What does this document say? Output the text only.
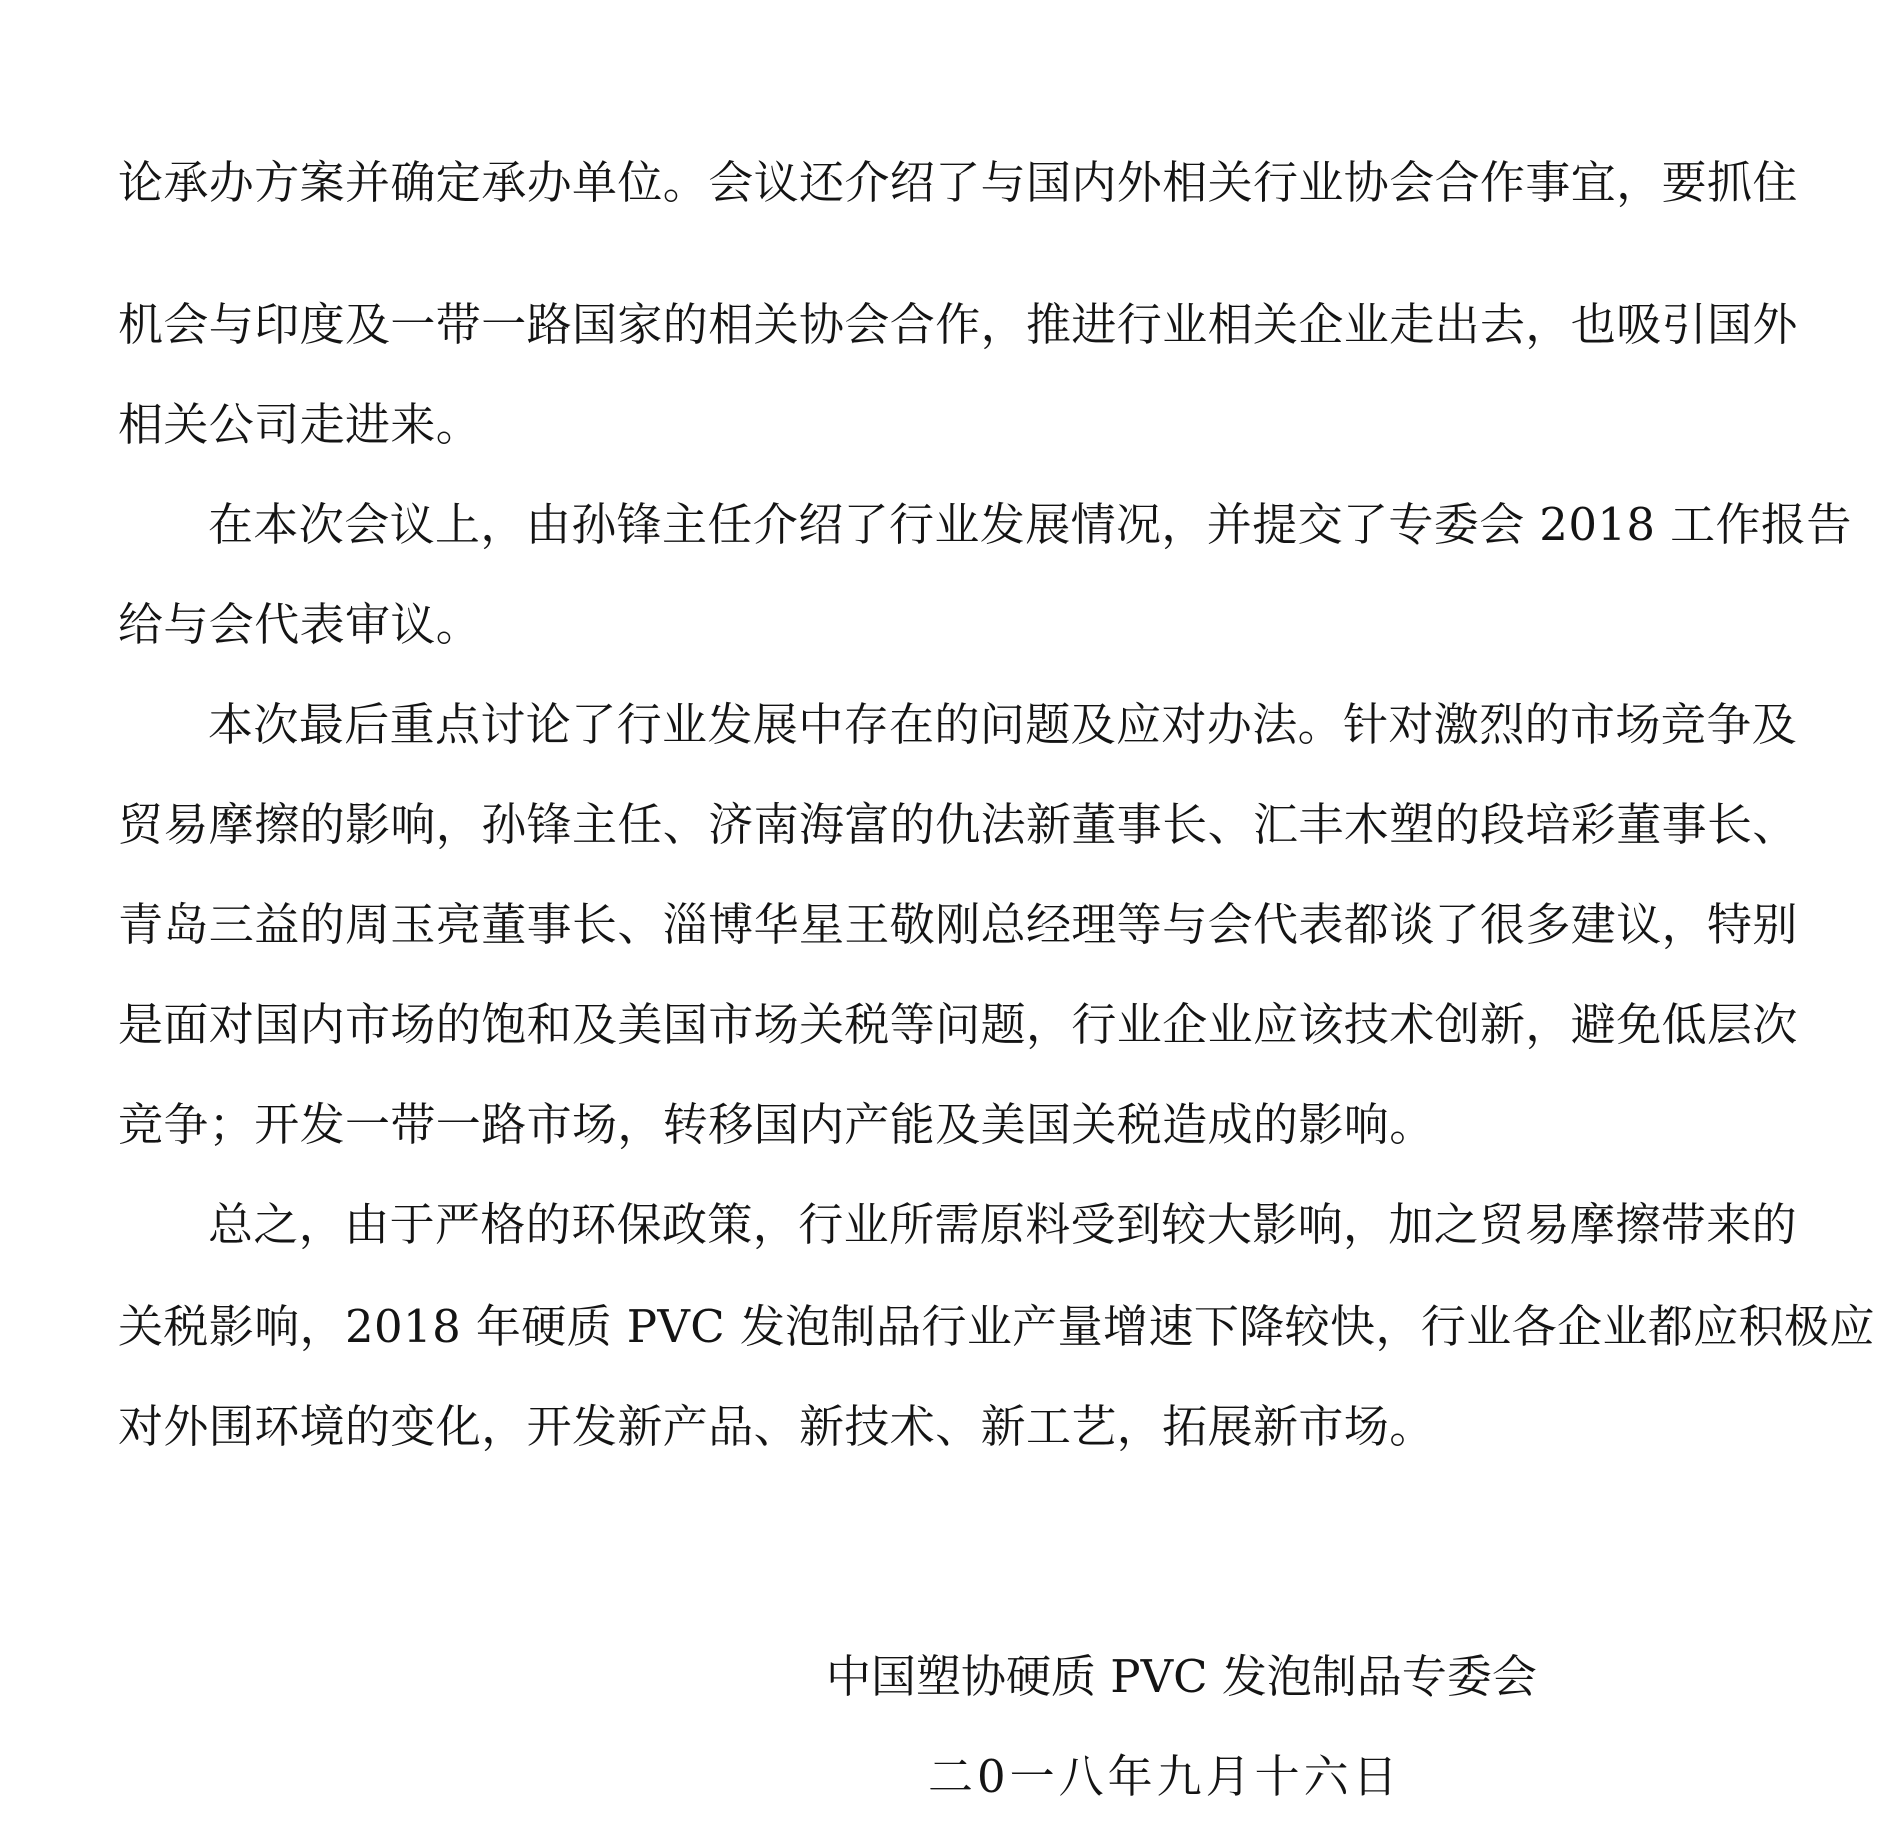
论承办方案并确定承办单位。会议还介绍了与国内外相关行业协会合作事宜，要抓住
机会与印度及一带一路国家的相关协会合作，推进行业相关企业走出去，也吸引国外
相关公司走进来。
在本次会议上，由孙锋主任介绍了行业发展情况，并提交了专委会 2018 工作报告
给与会代表审议。
本次最后重点讨论了行业发展中存在的问题及应对办法。针对激烈的市场竞争及
贸易摩擦的影响，孙锋主任、济南海富的仇法新董事长、汇丰木塑的段培彩董事长、
青岛三益的周玉亮董事长、淄博华星王敬刚总经理等与会代表都谈了很多建议，特别
是面对国内市场的饱和及美国市场关税等问题，行业企业应该技术创新，避免低层次
竞争；开发一带一路市场，转移国内产能及美国关税造成的影响。
总之，由于严格的环保政策，行业所需原料受到较大影响，加之贸易摩擦带来的
关税影响，2018 年硬质 PVC 发泡制品行业产量增速下降较快，行业各企业都应积极应
对外围环境的变化，开发新产品、新技术、新工艺，拓展新市场。
中国塑协硬质 PVC 发泡制品专委会
二0一八年九月十六日
